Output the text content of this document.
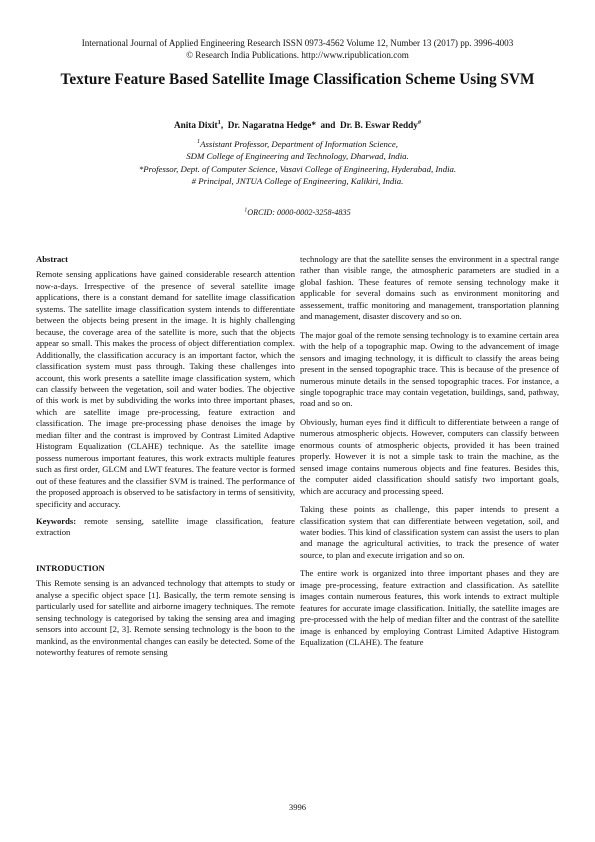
International Journal of Applied Engineering Research ISSN 0973-4562 Volume 12, Number 13 (2017) pp. 3996-4003
© Research India Publications. http://www.ripublication.com
Texture Feature Based Satellite Image Classification Scheme Using SVM
Anita Dixit$^1$,  Dr. Nagaratna Hedge*  and  Dr. B. Eswar Reddy#
$^1$Assistant Professor, Department of Information Science,
SDM College of Engineering and Technology, Dharwad, India.
*Professor, Dept. of Computer Science, Vasavi College of Engineering, Hyderabad, India.
# Principal, JNTUA College of Engineering, Kalikiri, India.
$^1$ORCID: 0000-0002-3258-4835
Abstract

Remote sensing applications have gained considerable research attention now-a-days. Irrespective of the presence of several satellite image applications, there is a constant demand for satellite image classification systems. The satellite image classification system intends to differentiate between the objects being present in the image. It is highly challenging because, the coverage area of the satellite is more, such that the objects appear so small. This makes the process of object differentiation complex. Additionally, the classification accuracy is an important factor, which the classification system must pass through. Taking these challenges into account, this work presents a satellite image classification system, which can classify between the vegetation, soil and water bodies. The objective of this work is met by subdividing the works into three important phases, which are satellite image pre-processing, feature extraction and classification. The image pre-processing phase denoises the image by median filter and the contrast is improved by Contrast Limited Adaptive Histogram Equalization (CLAHE) technique. As the satellite image possess numerous important features, this work extracts multiple features such as first order, GLCM and LWT features. The feature vector is formed out of these features and the classifier SVM is trained. The performance of the proposed approach is observed to be satisfactory in terms of sensitivity, specificity and accuracy.

Keywords: remote sensing, satellite image classification, feature extraction

INTRODUCTION

This Remote sensing is an advanced technology that attempts to study or analyse a specific object space [1]. Basically, the term remote sensing is particularly used for satellite and airborne imagery techniques. The remote sensing technology is categorised by taking the sensing area and imaging sensors into account [2, 3]. Remote sensing technology is the boon to the mankind, as the environmental changes can easily be detected. Some of the noteworthy features of remote sensing

technology are that the satellite senses the environment in a spectral range rather than visible range, the atmospheric parameters are studied in a global fashion. These features of remote sensing technology make it applicable for several domains such as environment monitoring and assessement, traffic monitoring and management, transportation planning and management, disaster discovery and so on.

The major goal of the remote sensing technology is to examine certain area with the help of a topographic map. Owing to the advancement of image sensors and imaging technology, it is difficult to classify the areas being present in the sensed topographic trace. This is because of the presence of numerous minute details in the sensed topographic traces. For instance, a single topographic trace may contain vegetation, buildings, sand, pathway, road and so on.

Obviously, human eyes find it difficult to differentiate between a range of numerous atmospheric objects. However, computers can classify between enormous counts of atmospheric objects, provided it has been trained properly. However it is not a simple task to train the machine, as the sensed image contains numerous objects and fine features. Besides this, the computer aided classification should satisfy two important goals, which are accuracy and processing speed.

Taking these points as challenge, this paper intends to present a classification system that can differentiate between vegetation, soil, and water bodies. This kind of classification system can assist the users to plan and manage the agricultural activities, to track the presence of water source, to plan and execute irrigation and so on.

The entire work is organized into three important phases and they are image pre-processing, feature extraction and classification. As satellite images contain numerous features, this work intends to extract multiple features for accurate image classification. Initially, the satellite images are pre-processed with the help of median filter and the contrast of the satellite image is enhanced by employing Contrast Limited Adaptive Histogram Equalization (CLAHE). The feature

3996
